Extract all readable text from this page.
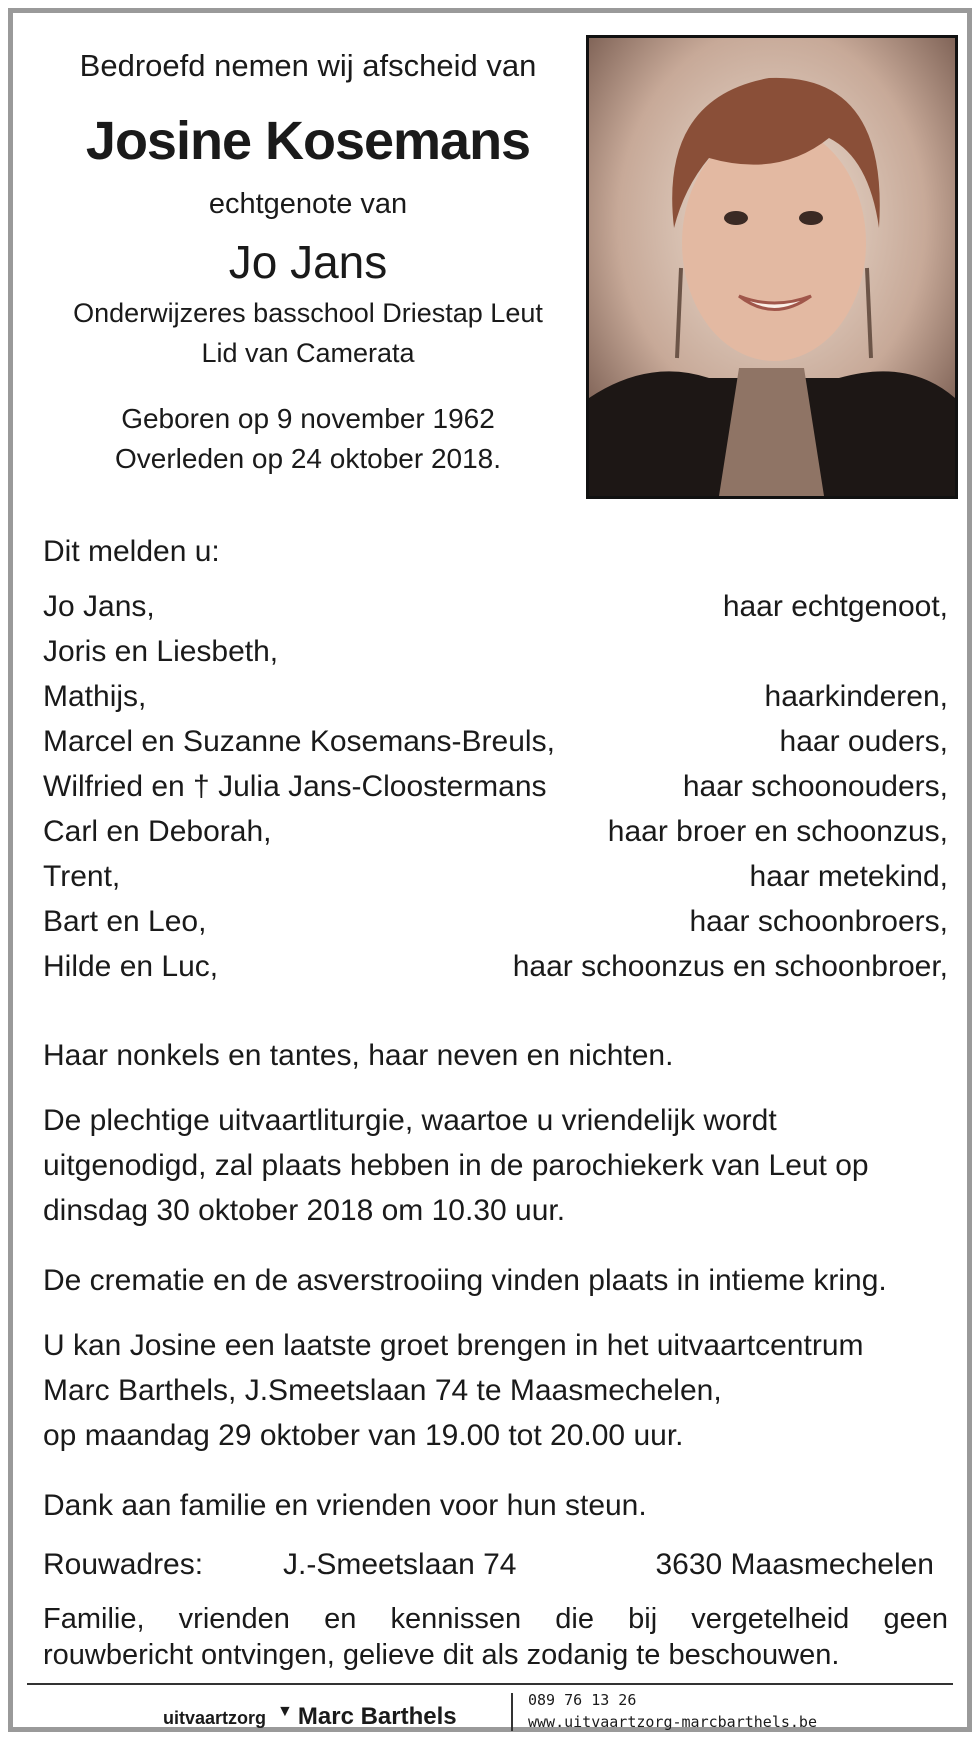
Bedroefd nemen wij afscheid van
Josine Kosemans
echtgenote van
Jo Jans
Onderwijzeres basschool Driestap Leut
Lid van Camerata
Geboren op 9 november 1962
Overleden op 24 oktober 2018.
Dit melden u:
Jo Jans,	haar echtgenoot,
Joris en Liesbeth,
Mathijs,	haarkinderen,
Marcel en Suzanne Kosemans-Breuls,	haar ouders,
Wilfried en † Julia Jans-Cloostermans	haar schoonouders,
Carl en Deborah,	haar broer en schoonzus,
Trent,	haar metekind,
Bart en Leo,	haar schoonbroers,
Hilde en Luc,	haar schoonzus en schoonbroer,
Haar nonkels en tantes, haar neven en nichten.
De plechtige uitvaartliturgie, waartoe u vriendelijk wordt
uitgenodigd, zal plaats hebben in de parochiekerk van Leut op
dinsdag 30 oktober 2018 om 10.30 uur.
De crematie en de asverstrooiing vinden plaats in intieme kring.
U kan Josine een laatste groet brengen in het uitvaartcentrum
Marc Barthels, J.Smeetslaan 74 te Maasmechelen,
op maandag 29 oktober van 19.00 tot 20.00 uur.
Dank aan familie en vrienden voor hun steun.
Rouwadres:	J.-Smeetslaan 74	3630 Maasmechelen
Familie, vrienden en kennissen die bij vergetelheid geen
rouwbericht ontvingen, gelieve dit als zodanig te beschouwen.
uitvaartzorg ▼ Marc Barthels
089 76 13 26
www.uitvaartzorg-marcbarthels.be
